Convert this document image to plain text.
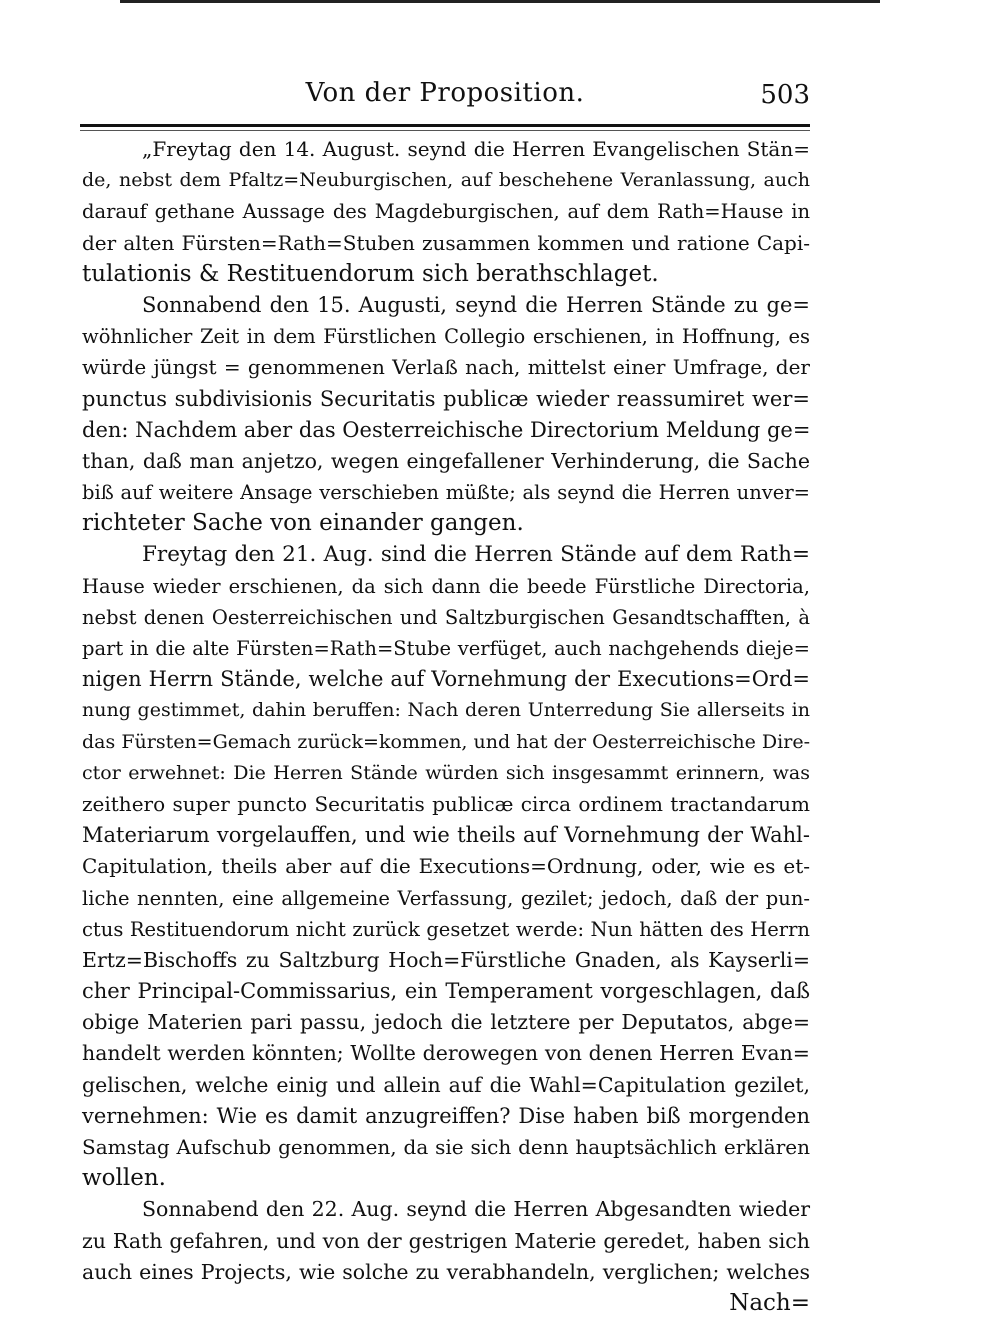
Von der Proposition.	503
„Freytag den 14. August. seynd die Herren Evangelischen Stän=
de, nebst dem Pfaltz=Neuburgischen, auf beschehene Veranlassung, auch
darauf gethane Aussage des Magdeburgischen, auf dem Rath=Hause in
der alten Fürsten=Rath=Stuben zusammen kommen und ratione Capi-
tulationis & Restituendorum sich berathschlaget.
Sonnabend den 15. Augusti, seynd die Herren Stände zu ge=
wöhnlicher Zeit in dem Fürstlichen Collegio erschienen, in Hoffnung, es
würde jüngst = genommenen Verlaß nach, mittelst einer Umfrage, der
punctus subdivisionis Securitatis publicæ wieder reassumiret wer=
den: Nachdem aber das Oesterreichische Directorium Meldung ge=
than, daß man anjetzo, wegen eingefallener Verhinderung, die Sache
biß auf weitere Ansage verschieben müßte; als seynd die Herren unver=
richteter Sache von einander gangen.
Freytag den 21. Aug. sind die Herren Stände auf dem Rath=
Hause wieder erschienen, da sich dann die beede Fürstliche Directoria,
nebst denen Oesterreichischen und Saltzburgischen Gesandtschafften, à
part in die alte Fürsten=Rath=Stube verfüget, auch nachgehends dieje=
nigen Herrn Stände, welche auf Vornehmung der Executions=Ord=
nung gestimmet, dahin beruffen: Nach deren Unterredung Sie allerseits in
das Fürsten=Gemach zurück=kommen, und hat der Oesterreichische Dire-
ctor erwehnet: Die Herren Stände würden sich insgesammt erinnern, was
zeithero super puncto Securitatis publicæ circa ordinem tractandarum
Materiarum vorgelauffen, und wie theils auf Vornehmung der Wahl-
Capitulation, theils aber auf die Executions=Ordnung, oder, wie es et-
liche nennten, eine allgemeine Verfassung, gezilet; jedoch, daß der pun-
ctus Restituendorum nicht zurück gesetzet werde: Nun hätten des Herrn
Ertz=Bischoffs zu Saltzburg Hoch=Fürstliche Gnaden, als Kayserli=
cher Principal-Commissarius, ein Temperament vorgeschlagen, daß
obige Materien pari passu, jedoch die letztere per Deputatos, abge=
handelt werden könnten; Wollte derowegen von denen Herren Evan=
gelischen, welche einig und allein auf die Wahl=Capitulation gezilet,
vernehmen: Wie es damit anzugreiffen? Dise haben biß morgenden
Samstag Aufschub genommen, da sie sich denn hauptsächlich erklären
wollen.
Sonnabend den 22. Aug. seynd die Herren Abgesandten wieder
zu Rath gefahren, und von der gestrigen Materie geredet, haben sich
auch eines Projects, wie solche zu verabhandeln, verglichen; welches
Nach=
